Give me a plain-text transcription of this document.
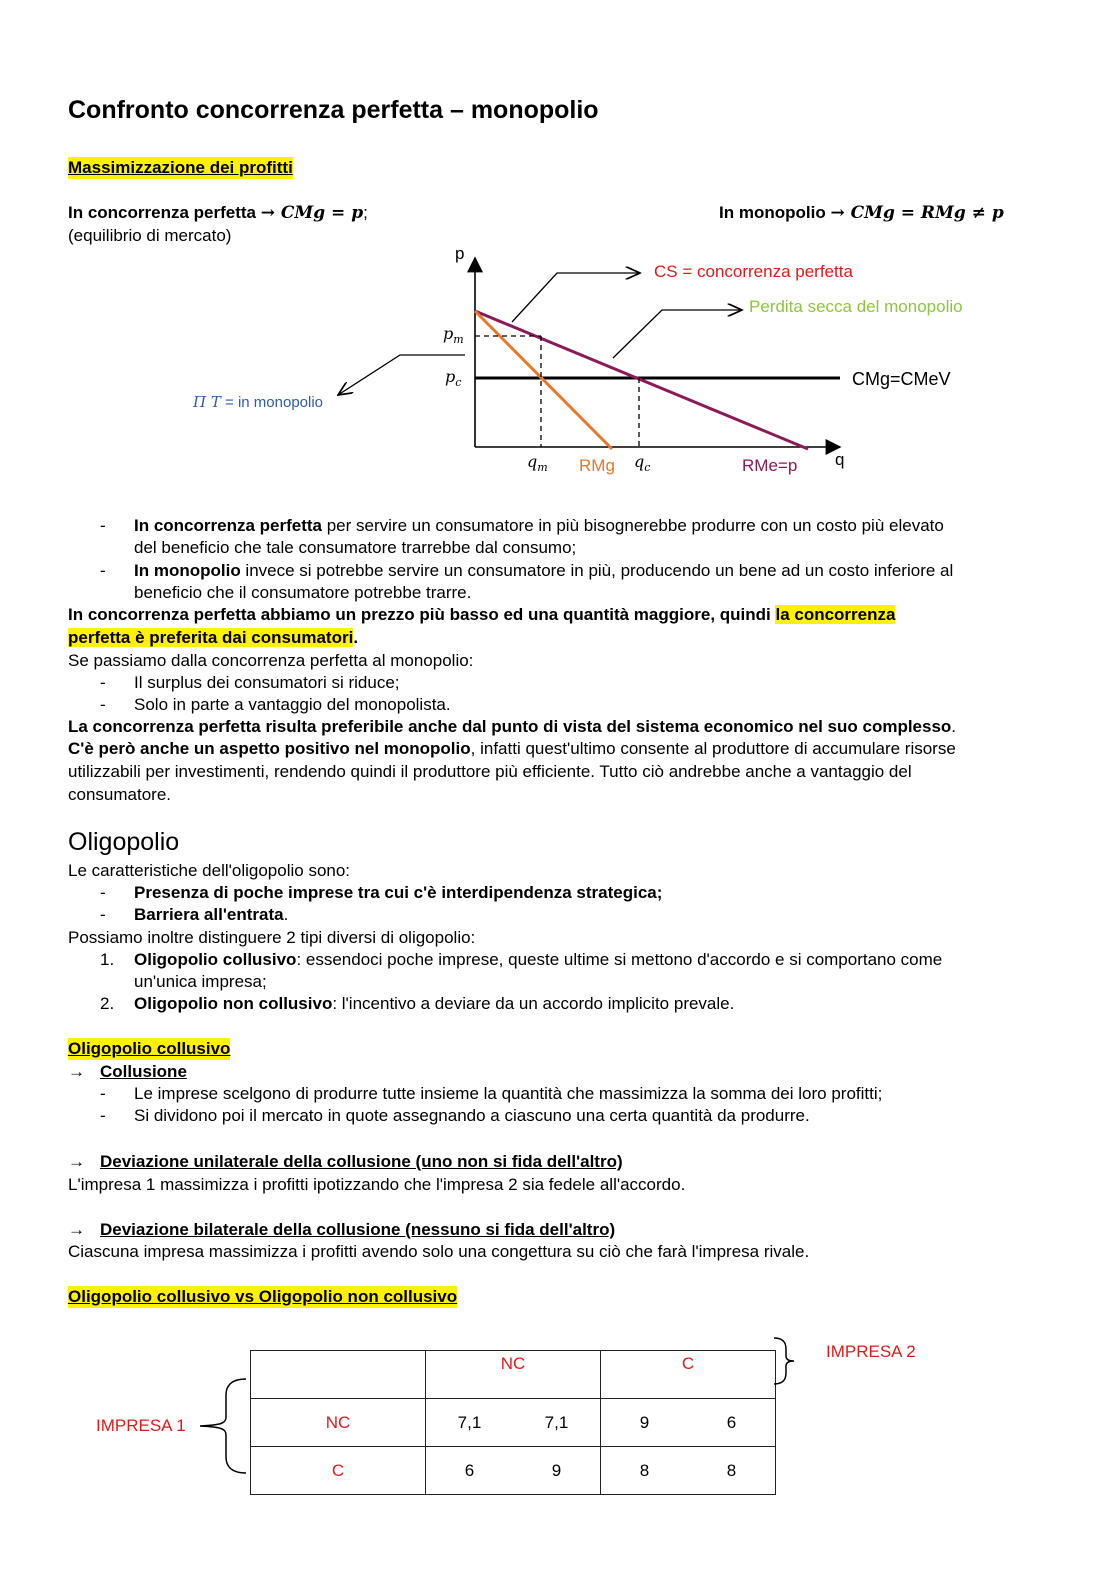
Confronto concorrenza perfetta – monopolio
Massimizzazione dei profitti
In concorrenza perfetta → CMg = p;
(equilibrio di mercato)
In monopolio → CMg = RMg ≠ p
p
q
$p_m$
$p_c$
$q_m$	$q_c$
RMg	RMe=p
CMg=CMeV
CS = concorrenza perfetta
Perdita secca del monopolio
Π T = in monopolio
- In concorrenza perfetta per servire un consumatore in più bisognerebbe produrre con un costo più elevato
del beneficio che tale consumatore trarrebbe dal consumo;
- In monopolio invece si potrebbe servire un consumatore in più, producendo un bene ad un costo inferiore al
beneficio che il consumatore potrebbe trarre.
In concorrenza perfetta abbiamo un prezzo più basso ed una quantità maggiore, quindi la concorrenza
perfetta è preferita dai consumatori.
Se passiamo dalla concorrenza perfetta al monopolio:
- Il surplus dei consumatori si riduce;
- Solo in parte a vantaggio del monopolista.
La concorrenza perfetta risulta preferibile anche dal punto di vista del sistema economico nel suo complesso.
C'è però anche un aspetto positivo nel monopolio, infatti quest'ultimo consente al produttore di accumulare risorse
utilizzabili per investimenti, rendendo quindi il produttore più efficiente. Tutto ciò andrebbe anche a vantaggio del
consumatore.
Oligopolio
Le caratteristiche dell'oligopolio sono:
- Presenza di poche imprese tra cui c'è interdipendenza strategica;
- Barriera all'entrata.
Possiamo inoltre distinguere 2 tipi diversi di oligopolio:
1. Oligopolio collusivo: essendoci poche imprese, queste ultime si mettono d'accordo e si comportano come
un'unica impresa;
2. Oligopolio non collusivo: l'incentivo a deviare da un accordo implicito prevale.
Oligopolio collusivo
→ Collusione
- Le imprese scelgono di produrre tutte insieme la quantità che massimizza la somma dei loro profitti;
- Si dividono poi il mercato in quote assegnando a ciascuno una certa quantità da produrre.
→ Deviazione unilaterale della collusione (uno non si fida dell'altro)
L'impresa 1 massimizza i profitti ipotizzando che l'impresa 2 sia fedele all'accordo.
→ Deviazione bilaterale della collusione (nessuno si fida dell'altro)
Ciascuna impresa massimizza i profitti avendo solo una congettura su ciò che farà l'impresa rivale.
Oligopolio collusivo vs Oligopolio non collusivo

	NC	C

NC	7,1 7,1	9 6

C	6 9	8 8
IMPRESA 2
IMPRESA 1
